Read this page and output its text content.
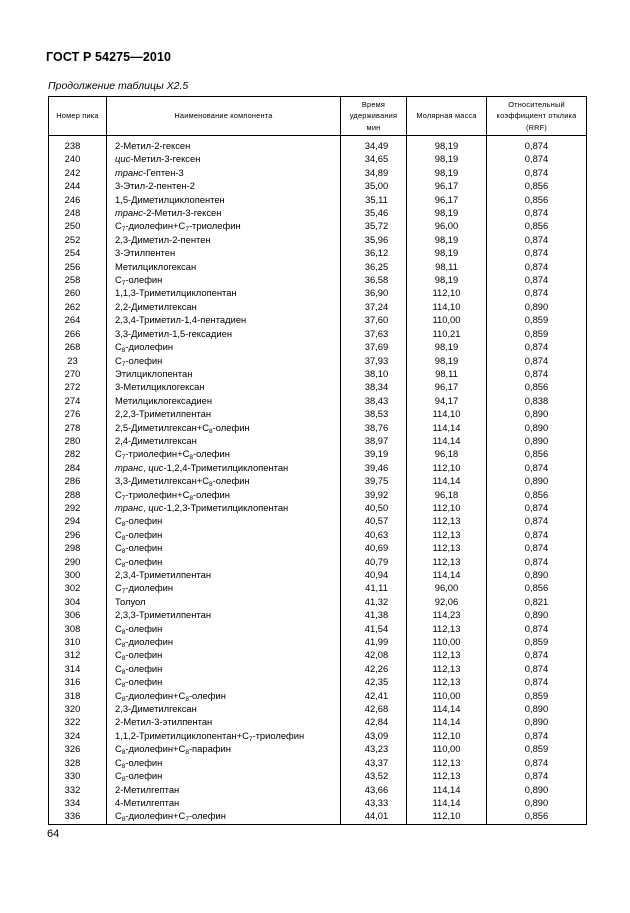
ГОСТ Р 54275—2010
Продолжение таблицы X2.5
Номер пика	Наименование компонента	Время удерживания мин	Молярная масса	Относительный коэффициент отклика (RRF)
238	2-Метил-2-гексен	34,49	98,19	0,874
240	цис-Метил-3-гексен	34,65	98,19	0,874
242	транс-Гептен-3	34,89	98,19	0,874
244	3-Этил-2-пентен-2	35,00	96,17	0,856
246	1,5-Диметилциклопентен	35,11	96,17	0,856
248	транс-2-Метил-3-гексен	35,46	98,19	0,874
250	$C_7-диолефин+C_7$-триолефин	35,72	96,00	0,856
252	2,3-Диметил-2-пентен	35,96	98,19	0,874
254	3-Этилпентен	36,12	98,19	0,874
256	Метилциклогексан	36,25	98,11	0,874
258	$C_7$-олефин	36,58	98,19	0,874
260	1,1,3-Триметилциклопентан	36,90	112,10	0,874
262	2,2-Диметилгексан	37,24	114,10	0,890
264	2,3,4-Триметил-1,4-пентадиен	37,60	110,00	0,859
266	3,3-Диметил-1,5-гексадиен	37,63	110,21	0,859
268	$C_8$-диолефин	37,69	98,19	0,874
23	$C_7$-олефин	37,93	98,19	0,874
270	Этилциклопентан	38,10	98,11	0,874
272	3-Метилциклогексан	38,34	96,17	0,856
274	Метилциклогексадиен	38,43	94,17	0,838
276	2,2,3-Триметилпентан	38,53	114,10	0,890
278	$2,5-Диметилгексан+C_8$-олефин	38,76	114,14	0,890
280	2,4-Диметилгексан	38,97	114,14	0,890
282	$C_7-триолефин+C_8$-олефин	39,19	96,18	0,856
284	транс, цис-1,2,4-Триметилциклопентан	39,46	112,10	0,874
286	$3,3-Диметилгексан+C_8$-олефин	39,75	114,14	0,890
288	$C_7-триолефин+C_8$-олефин	39,92	96,18	0,856
292	транс, цис-1,2,3-Триметилциклопентан	40,50	112,10	0,874
294	$C_8$-олефин	40,57	112,13	0,874
296	$C_8$-олефин	40,63	112,13	0,874
298	$C_8$-олефин	40,69	112,13	0,874
290	$C_8$-олефин	40,79	112,13	0,874
300	2,3,4-Триметилпентан	40,94	114,14	0,890
302	$C_7$-диолефин	41,11	96,00	0,856
304	Толуол	41,32	92,06	0,821
306	2,3,3-Триметилпентан	41,38	114,23	0,890
308	$C_8$-олефин	41,54	112,13	0,874
310	$C_8$-диолефин	41,99	110,00	0,859
312	$C_8$-олефин	42,08	112,13	0,874
314	$C_8$-олефин	42,26	112,13	0,874
316	$C_8$-олефин	42,35	112,13	0,874
318	$C_8-диолефин+C_8$-олефин	42,41	110,00	0,859
320	2,3-Диметилгексан	42,68	114,14	0,890
322	2-Метил-3-этилпентан	42,84	114,14	0,890
324	$1,1,2-Триметилциклопентан+C_7$-триолефин	43,09	112,10	0,874
326	$C_8-диолефин+C_8$-парафин	43,23	110,00	0,859
328	$C_8$-олефин	43,37	112,13	0,874
330	$C_8$-олефин	43,52	112,13	0,874
332	2-Метилгептан	43,66	114,14	0,890
334	4-Метилгептан	43,33	114,14	0,890
336	$C_8-диолефин+C_7$-олефин	44,01	112,10	0,856
64
